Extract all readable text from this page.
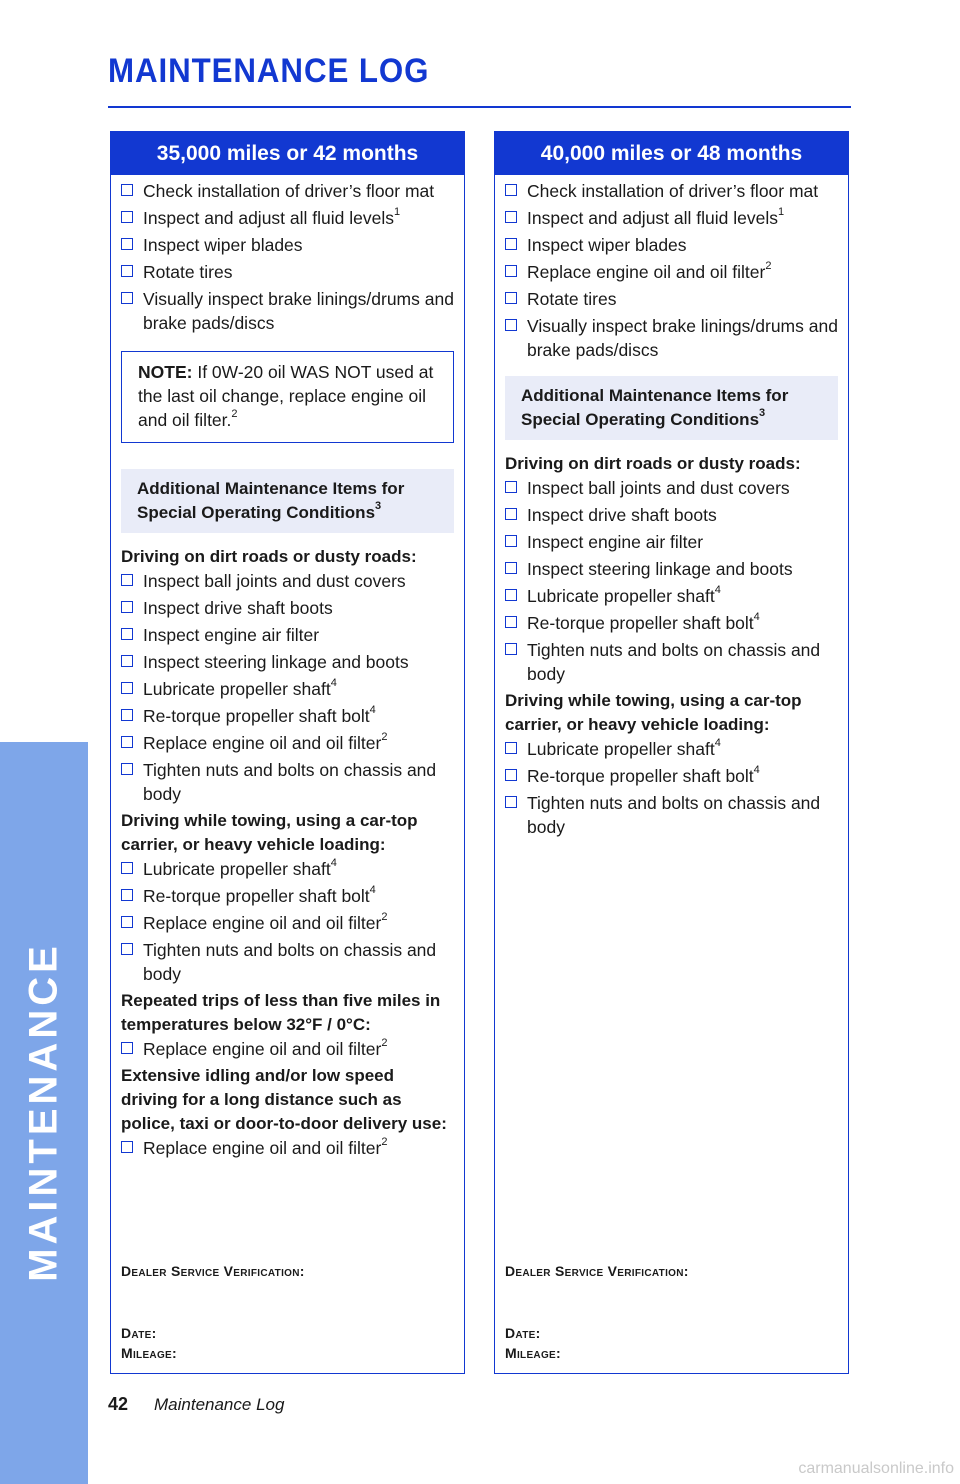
MAINTENANCE
MAINTENANCE LOG
35,000 miles or 42 months
Check installation of driver’s floor mat
Inspect and adjust all fluid levels$^1$
Inspect wiper blades
Rotate tires
Visually inspect brake linings/drums and brake pads/discs
NOTE: If 0W-20 oil WAS NOT used at the last oil change, replace engine oil and oil filter.$^2$
Additional Maintenance Items for Special Operating Conditions$^3$
Driving on dirt roads or dusty roads:
Inspect ball joints and dust covers
Inspect drive shaft boots
Inspect engine air filter
Inspect steering linkage and boots
Lubricate propeller shaft$^4$
Re-torque propeller shaft bolt$^4$
Replace engine oil and oil filter$^2$
Tighten nuts and bolts on chassis and body
Driving while towing, using a car-top carrier, or heavy vehicle loading:
Lubricate propeller shaft$^4$
Re-torque propeller shaft bolt$^4$
Replace engine oil and oil filter$^2$
Tighten nuts and bolts on chassis and body
Repeated trips of less than five miles in temperatures below 32°F / 0°C:
Replace engine oil and oil filter$^2$
Extensive idling and/or low speed driving for a long distance such as police, taxi or door-to-door delivery use:
Replace engine oil and oil filter$^2$
Dealer Service Verification:
Date:
Mileage:
40,000 miles or 48 months
Check installation of driver’s floor mat
Inspect and adjust all fluid levels$^1$
Inspect wiper blades
Replace engine oil and oil filter$^2$
Rotate tires
Visually inspect brake linings/drums and brake pads/discs
Additional Maintenance Items for Special Operating Conditions$^3$
Driving on dirt roads or dusty roads:
Inspect ball joints and dust covers
Inspect drive shaft boots
Inspect engine air filter
Inspect steering linkage and boots
Lubricate propeller shaft$^4$
Re-torque propeller shaft bolt$^4$
Tighten nuts and bolts on chassis and body
Driving while towing, using a car-top carrier, or heavy vehicle loading:
Lubricate propeller shaft$^4$
Re-torque propeller shaft bolt$^4$
Tighten nuts and bolts on chassis and body
Dealer Service Verification:
Date:
Mileage:
42 Maintenance Log
carmanualsonline.info
